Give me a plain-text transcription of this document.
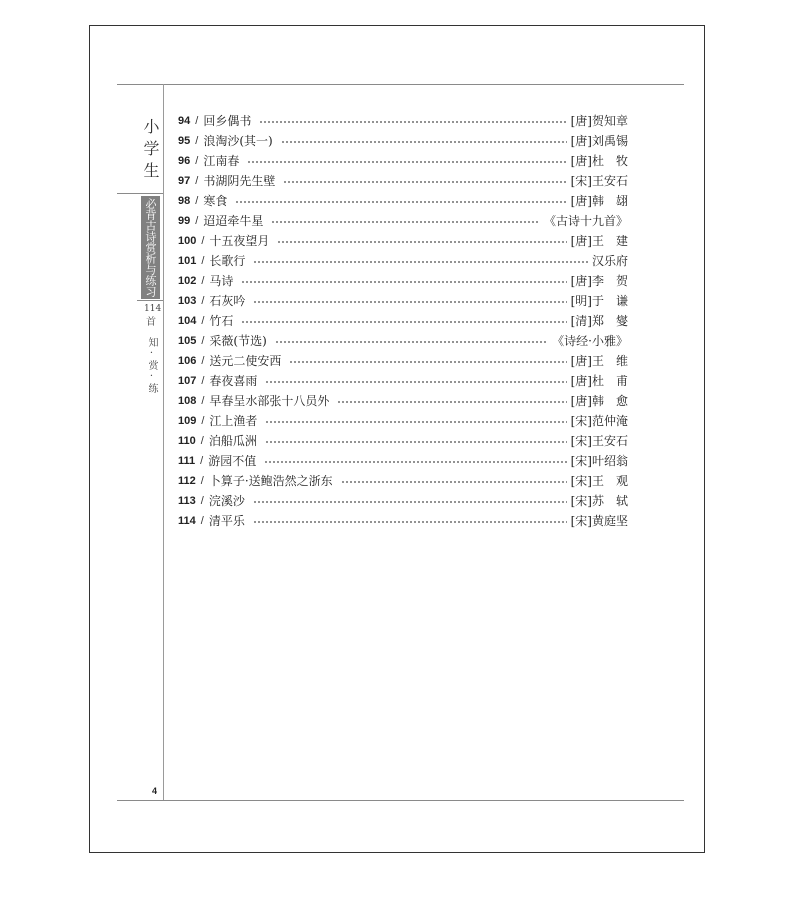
小学生
必背古诗赏析与练习
114
首
知·赏·练
4
94 / 回乡偶书	[唐]贺知章
95 / 浪淘沙(其一)	[唐]刘禹锡
96 / 江南春	[唐]杜　牧
97 / 书湖阴先生壁	[宋]王安石
98 / 寒食	[唐]韩　翃
99 / 迢迢牵牛星	《古诗十九首》
100 / 十五夜望月	[唐]王　建
101 / 长歌行	汉乐府
102 / 马诗	[唐]李　贺
103 / 石灰吟	[明]于　谦
104 / 竹石	[清]郑　燮
105 / 采薇(节选)	《诗经·小雅》
106 / 送元二使安西	[唐]王　维
107 / 春夜喜雨	[唐]杜　甫
108 / 早春呈水部张十八员外	[唐]韩　愈
109 / 江上渔者	[宋]范仲淹
110 / 泊船瓜洲	[宋]王安石
111 / 游园不值	[宋]叶绍翁
112 / 卜算子·送鲍浩然之浙东	[宋]王　观
113 / 浣溪沙	[宋]苏　轼
114 / 清平乐	[宋]黄庭坚
